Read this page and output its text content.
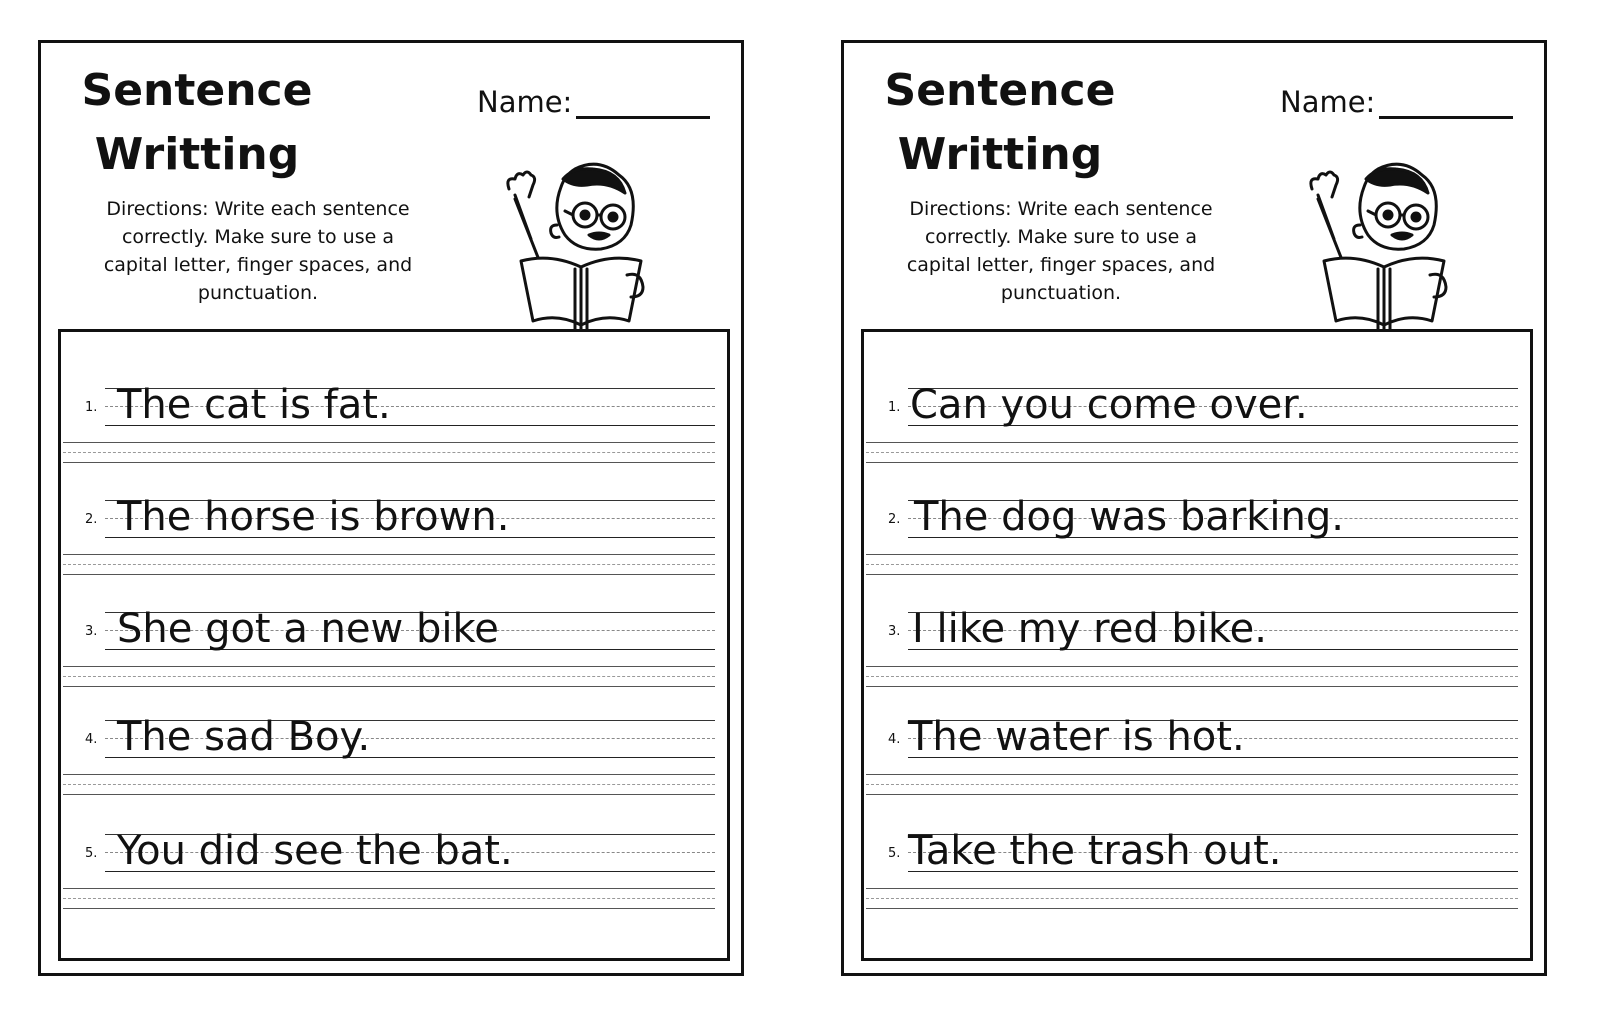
Sentence
Writting
Name:
Directions: Write each sentence correctly. Make sure to use a capital letter, finger spaces, and punctuation.
1. The cat is fat.
2. The horse is brown.
3. She got a new bike
4. The sad Boy.
5. You did see the bat.
Sentence
Writting
Name:
Directions: Write each sentence correctly. Make sure to use a capital letter, finger spaces, and punctuation.
1. Can you come over.
2. The dog was barking.
3. I like my red bike.
4. The water is hot.
5. Take the trash out.
